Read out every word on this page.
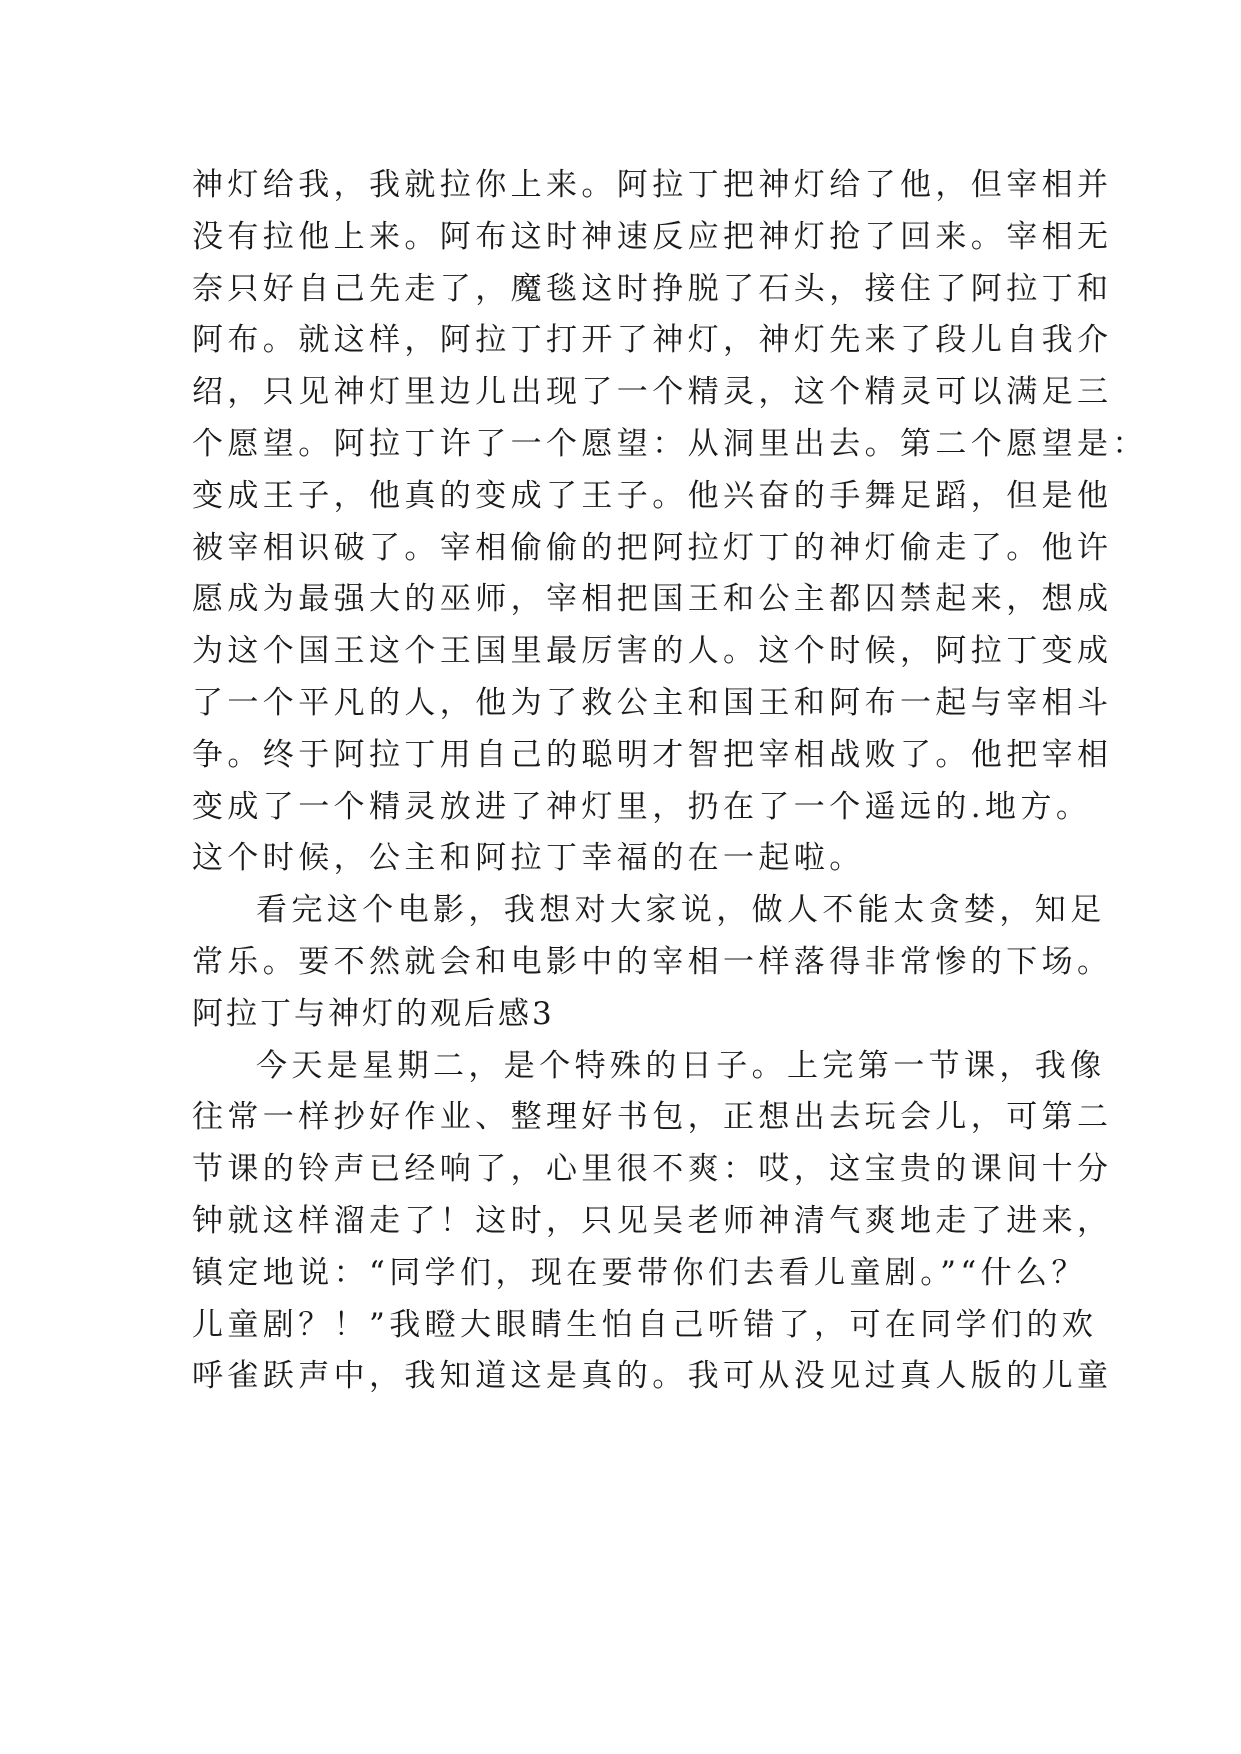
神灯给我，我就拉你上来。阿拉丁把神灯给了他，但宰相并
没有拉他上来。阿布这时神速反应把神灯抢了回来。宰相无
奈只好自己先走了，魔毯这时挣脱了石头，接住了阿拉丁和
阿布。就这样，阿拉丁打开了神灯，神灯先来了段儿自我介
绍，只见神灯里边儿出现了一个精灵，这个精灵可以满足三
个愿望。阿拉丁许了一个愿望：从洞里出去。第二个愿望是：
变成王子，他真的变成了王子。他兴奋的手舞足蹈，但是他
被宰相识破了。宰相偷偷的把阿拉灯丁的神灯偷走了。他许
愿成为最强大的巫师，宰相把国王和公主都囚禁起来，想成
为这个国王这个王国里最厉害的人。这个时候，阿拉丁变成
了一个平凡的人，他为了救公主和国王和阿布一起与宰相斗
争。终于阿拉丁用自己的聪明才智把宰相战败了。他把宰相
变成了一个精灵放进了神灯里，扔在了一个遥远的.地方。
这个时候，公主和阿拉丁幸福的在一起啦。
看完这个电影，我想对大家说，做人不能太贪婪，知足
常乐。要不然就会和电影中的宰相一样落得非常惨的下场。
阿拉丁与神灯的观后感3
今天是星期二，是个特殊的日子。上完第一节课，我像
往常一样抄好作业、整理好书包，正想出去玩会儿，可第二
节课的铃声已经响了，心里很不爽：哎，这宝贵的课间十分
钟就这样溜走了！这时，只见吴老师神清气爽地走了进来，
镇定地说：“同学们，现在要带你们去看儿童剧。”“什么？
儿童剧？！”我瞪大眼睛生怕自己听错了，可在同学们的欢
呼雀跃声中，我知道这是真的。我可从没见过真人版的儿童
